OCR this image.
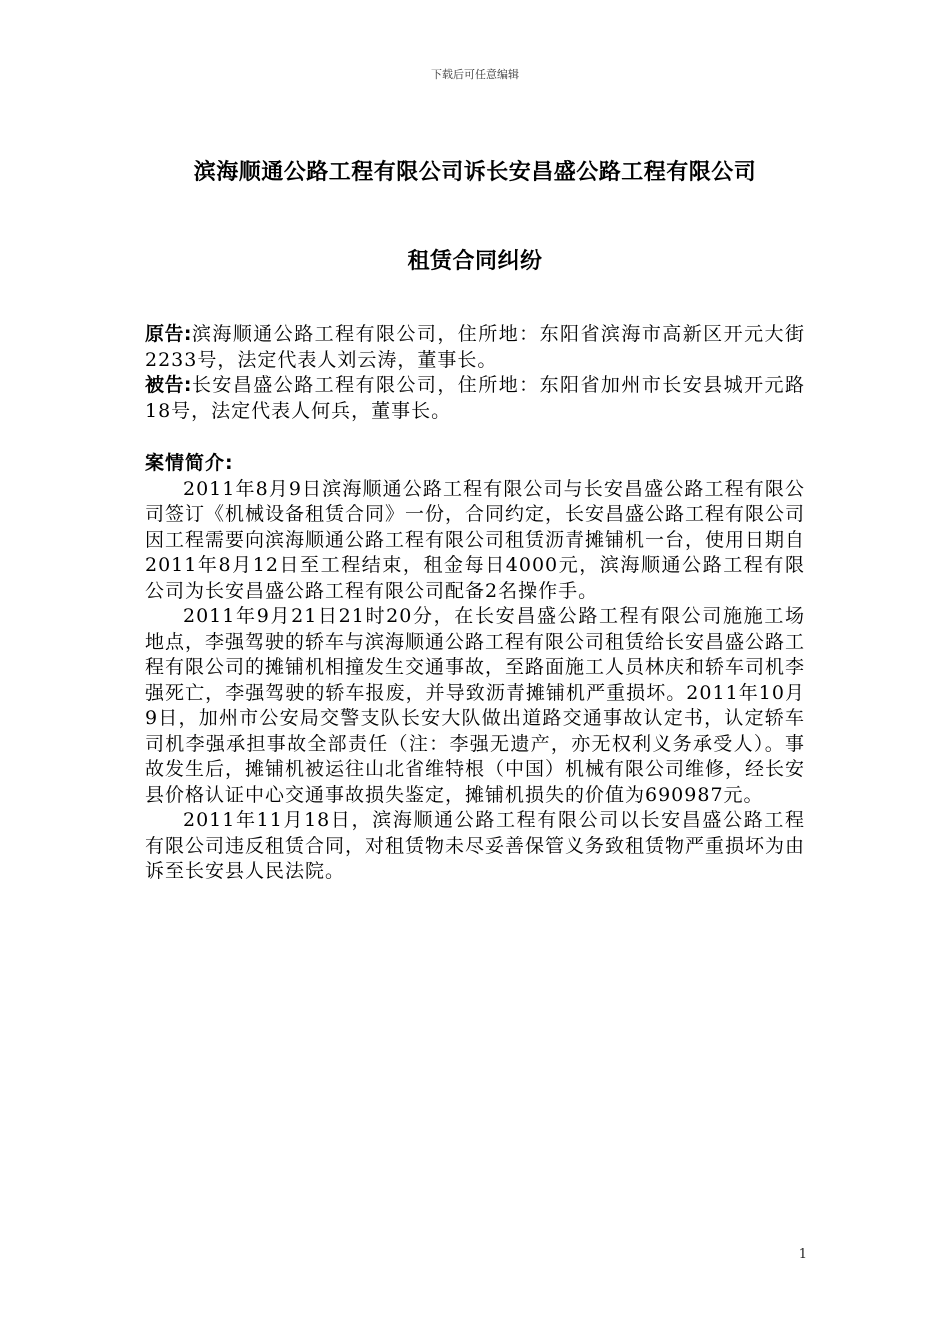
下载后可任意编辑
滨海顺通公路工程有限公司诉长安昌盛公路工程有限公司
租赁合同纠纷

原告:滨海顺通公路工程有限公司，住所地：东阳省滨海市高新区开元大街2233号，法定代表人刘云涛，董事长。

被告:长安昌盛公路工程有限公司，住所地：东阳省加州市长安县城开元路18号，法定代表人何兵，董事长。

案情简介:

2011年8月9日滨海顺通公路工程有限公司与长安昌盛公路工程有限公司签订《机械设备租赁合同》一份，合同约定，长安昌盛公路工程有限公司因工程需要向滨海顺通公路工程有限公司租赁沥青摊铺机一台，使用日期自2011年8月12日至工程结束，租金每日4000元，滨海顺通公路工程有限公司为长安昌盛公路工程有限公司配备2名操作手。

2011年9月21日21时20分，在长安昌盛公路工程有限公司施施工场地点，李强驾驶的轿车与滨海顺通公路工程有限公司租赁给长安昌盛公路工程有限公司的摊铺机相撞发生交通事故，至路面施工人员林庆和轿车司机李强死亡，李强驾驶的轿车报废，并导致沥青摊铺机严重损坏。2011年10月9日，加州市公安局交警支队长安大队做出道路交通事故认定书，认定轿车司机李强承担事故全部责任（注：李强无遗产，亦无权利义务承受人）。事故发生后，摊铺机被运往山北省维特根（中国）机械有限公司维修，经长安县价格认证中心交通事故损失鉴定，摊铺机损失的价值为690987元。

2011年11月18日，滨海顺通公路工程有限公司以长安昌盛公路工程有限公司违反租赁合同，对租赁物未尽妥善保管义务致租赁物严重损坏为由诉至长安县人民法院。

1
